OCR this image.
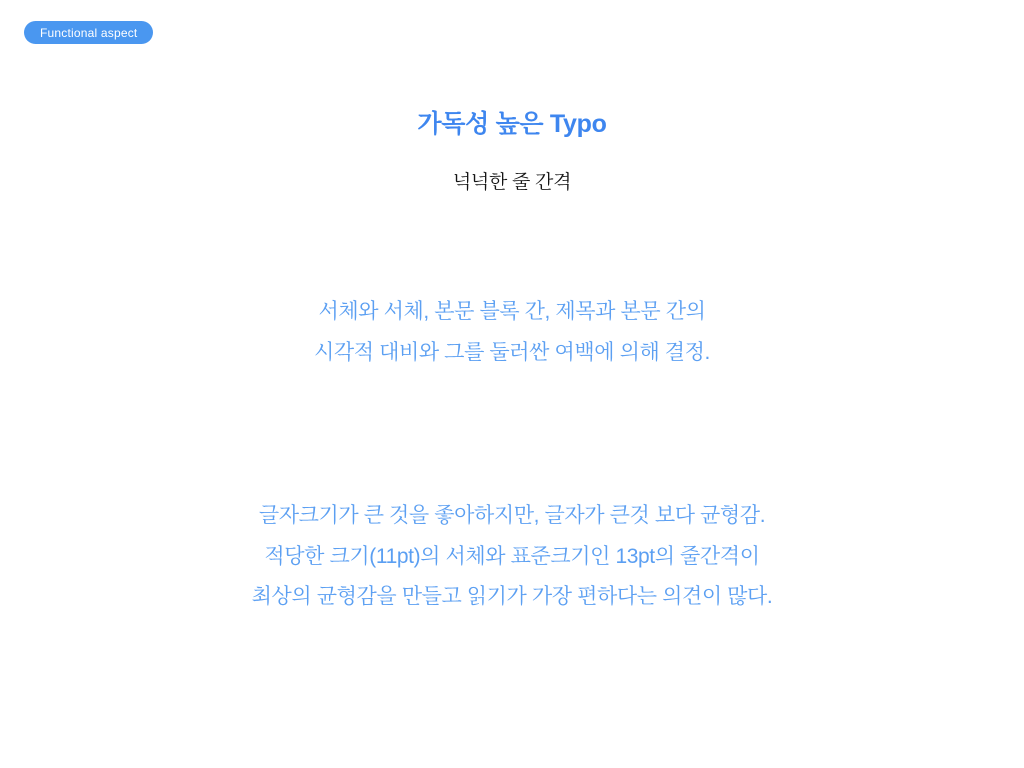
Functional aspect
가독성 높은 Typo

넉넉한 줄 간격

서체와 서체, 본문 블록 간, 제목과 본문 간의
시각적 대비와 그를 둘러싼 여백에 의해 결정.
글자크기가 큰 것을 좋아하지만, 글자가 큰것 보다 균형감.
적당한 크기(11pt)의 서체와 표준크기인 13pt의 줄간격이
최상의 균형감을 만들고 읽기가 가장 편하다는 의견이 많다.
